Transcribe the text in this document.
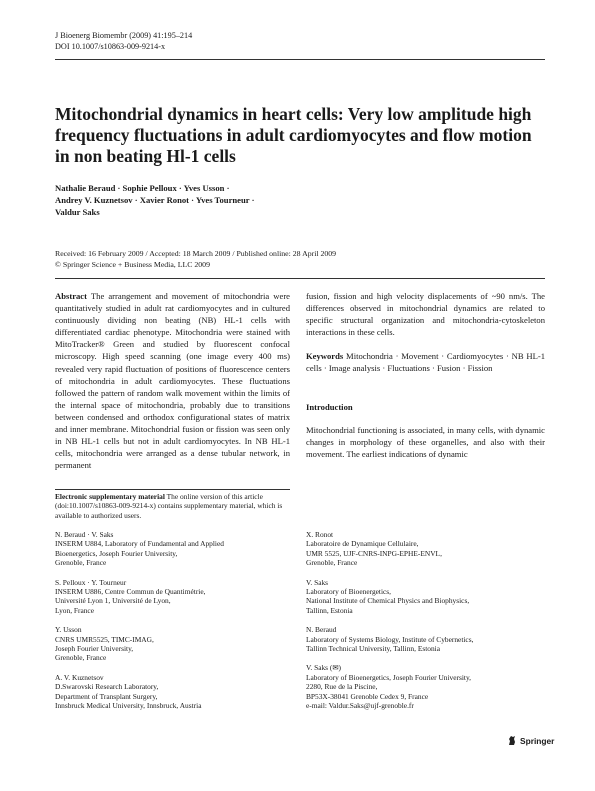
J Bioenerg Biomembr (2009) 41:195–214
DOI 10.1007/s10863-009-9214-x
Mitochondrial dynamics in heart cells: Very low amplitude high frequency fluctuations in adult cardiomyocytes and flow motion in non beating Hl-1 cells
Nathalie Beraud · Sophie Pelloux · Yves Usson ·
Andrey V. Kuznetsov · Xavier Ronot · Yves Tourneur ·
Valdur Saks
Received: 16 February 2009 / Accepted: 18 March 2009 / Published online: 28 April 2009
© Springer Science + Business Media, LLC 2009

Abstract The arrangement and movement of mitochondria were quantitatively studied in adult rat cardiomyocytes and in cultured continuously dividing non beating (NB) HL-1 cells with differentiated cardiac phenotype. Mitochondria were stained with MitoTracker® Green and studied by fluorescent confocal microscopy. High speed scanning (one image every 400 ms) revealed very rapid fluctuation of positions of fluorescence centers of mitochondria in adult cardiomyocytes. These fluctuations followed the pattern of random walk movement within the limits of the internal space of mitochondria, probably due to transitions between condensed and orthodox configurational states of matrix and inner membrane. Mitochondrial fusion or fission was seen only in NB HL-1 cells but not in adult cardiomyocytes. In NB HL-1 cells, mitochondria were arranged as a dense tubular network, in permanent

fusion, fission and high velocity displacements of ~90 nm/s. The differences observed in mitochondrial dynamics are related to specific structural organization and mitochondria-cytoskeleton interactions in these cells.

Keywords Mitochondria · Movement · Cardiomyocytes · NB HL-1 cells · Image analysis · Fluctuations · Fusion · Fission

Introduction

Mitochondrial functioning is associated, in many cells, with dynamic changes in morphology of these organelles, and also with their movement. The earliest indications of dynamic

Electronic supplementary material The online version of this article (doi:10.1007/s10863-009-9214-x) contains supplementary material, which is available to authorized users.
N. Beraud · V. Saks
INSERM U884, Laboratory of Fundamental and Applied
Bioenergetics, Joseph Fourier University,
Grenoble, France
S. Pelloux · Y. Tourneur
INSERM U886, Centre Commun de Quantimétrie,
Université Lyon 1, Université de Lyon,
Lyon, France
Y. Usson
CNRS UMR5525, TIMC-IMAG,
Joseph Fourier University,
Grenoble, France
A. V. Kuznetsov
D.Swarovski Research Laboratory,
Department of Transplant Surgery,
Innsbruck Medical University, Innsbruck, Austria
X. Ronot
Laboratoire de Dynamique Cellulaire,
UMR 5525, UJF-CNRS-INPG-EPHE-ENVL,
Grenoble, France
V. Saks
Laboratory of Bioenergetics,
National Institute of Chemical Physics and Biophysics,
Tallinn, Estonia
N. Beraud
Laboratory of Systems Biology, Institute of Cybernetics,
Tallinn Technical University, Tallinn, Estonia
V. Saks (✉)
Laboratory of Bioenergetics, Joseph Fourier University,
2280, Rue de la Piscine,
BP53X-38041 Grenoble Cedex 9, France
e-mail: Valdur.Saks@ujf-grenoble.fr
Springer
